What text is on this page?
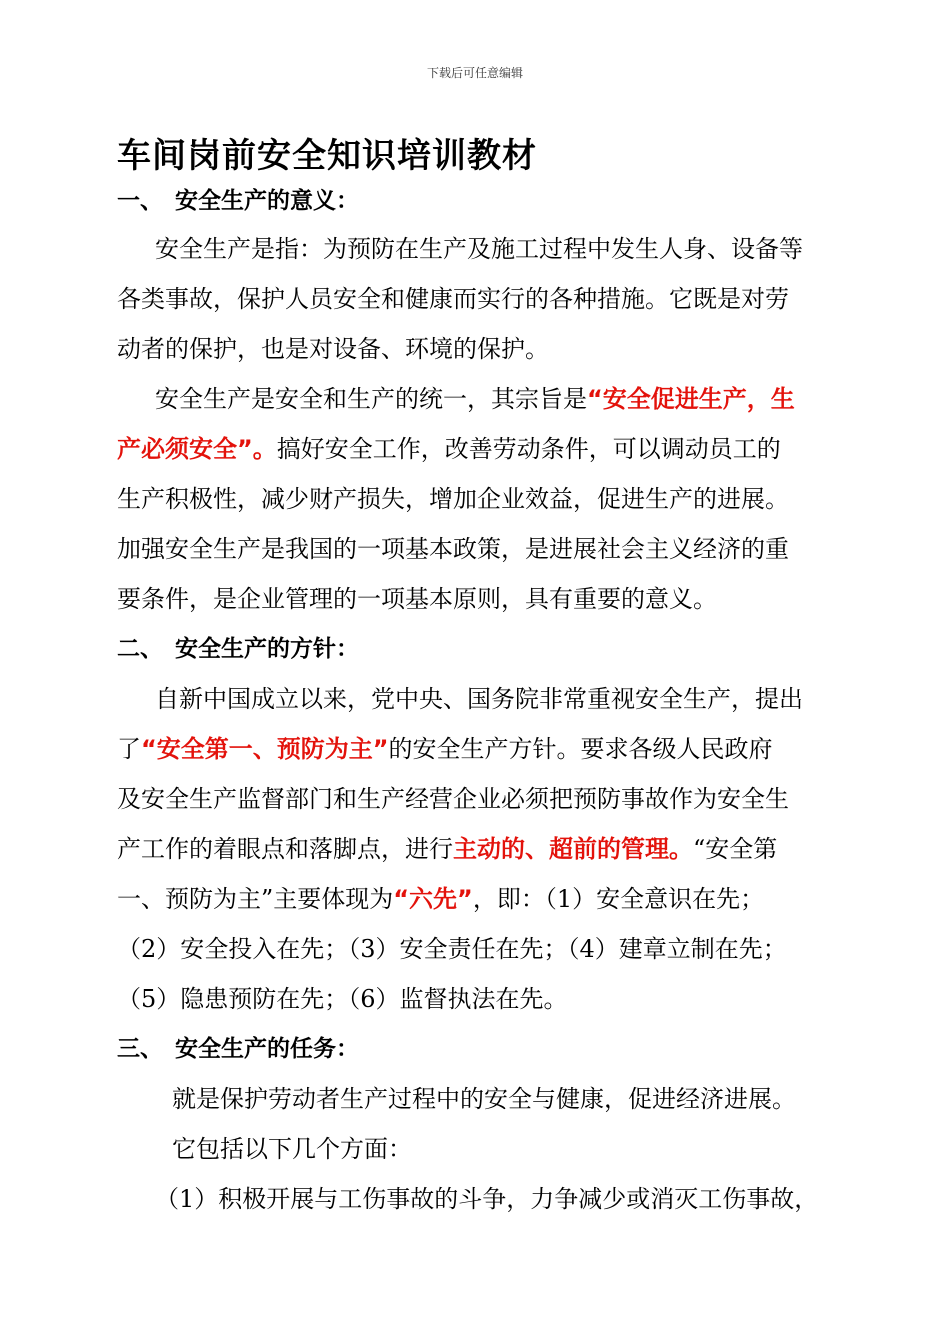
下载后可任意编辑
车间岗前安全知识培训教材
一、 安全生产的意义：
安全生产是指：为预防在生产及施工过程中发生人身、设备等
各类事故，保护人员安全和健康而实行的各种措施。它既是对劳
动者的保护，也是对设备、环境的保护。
安全生产是安全和生产的统一，其宗旨是“安全促进生产，生
产必须安全”。搞好安全工作，改善劳动条件，可以调动员工的
生产积极性，减少财产损失，增加企业效益，促进生产的进展。
加强安全生产是我国的一项基本政策，是进展社会主义经济的重
要条件，是企业管理的一项基本原则，具有重要的意义。
二、 安全生产的方针：
自新中国成立以来，党中央、国务院非常重视安全生产，提出
了“安全第一、预防为主”的安全生产方针。要求各级人民政府
及安全生产监督部门和生产经营企业必须把预防事故作为安全生
产工作的着眼点和落脚点，进行主动的、超前的管理。“安全第
一、预防为主”主要体现为“六先”，即：（1）安全意识在先；
（2）安全投入在先；（3）安全责任在先；（4）建章立制在先；
（5）隐患预防在先；（6）监督执法在先。
三、 安全生产的任务：
就是保护劳动者生产过程中的安全与健康，促进经济进展。
它包括以下几个方面：
（1）积极开展与工伤事故的斗争，力争减少或消灭工伤事故，
